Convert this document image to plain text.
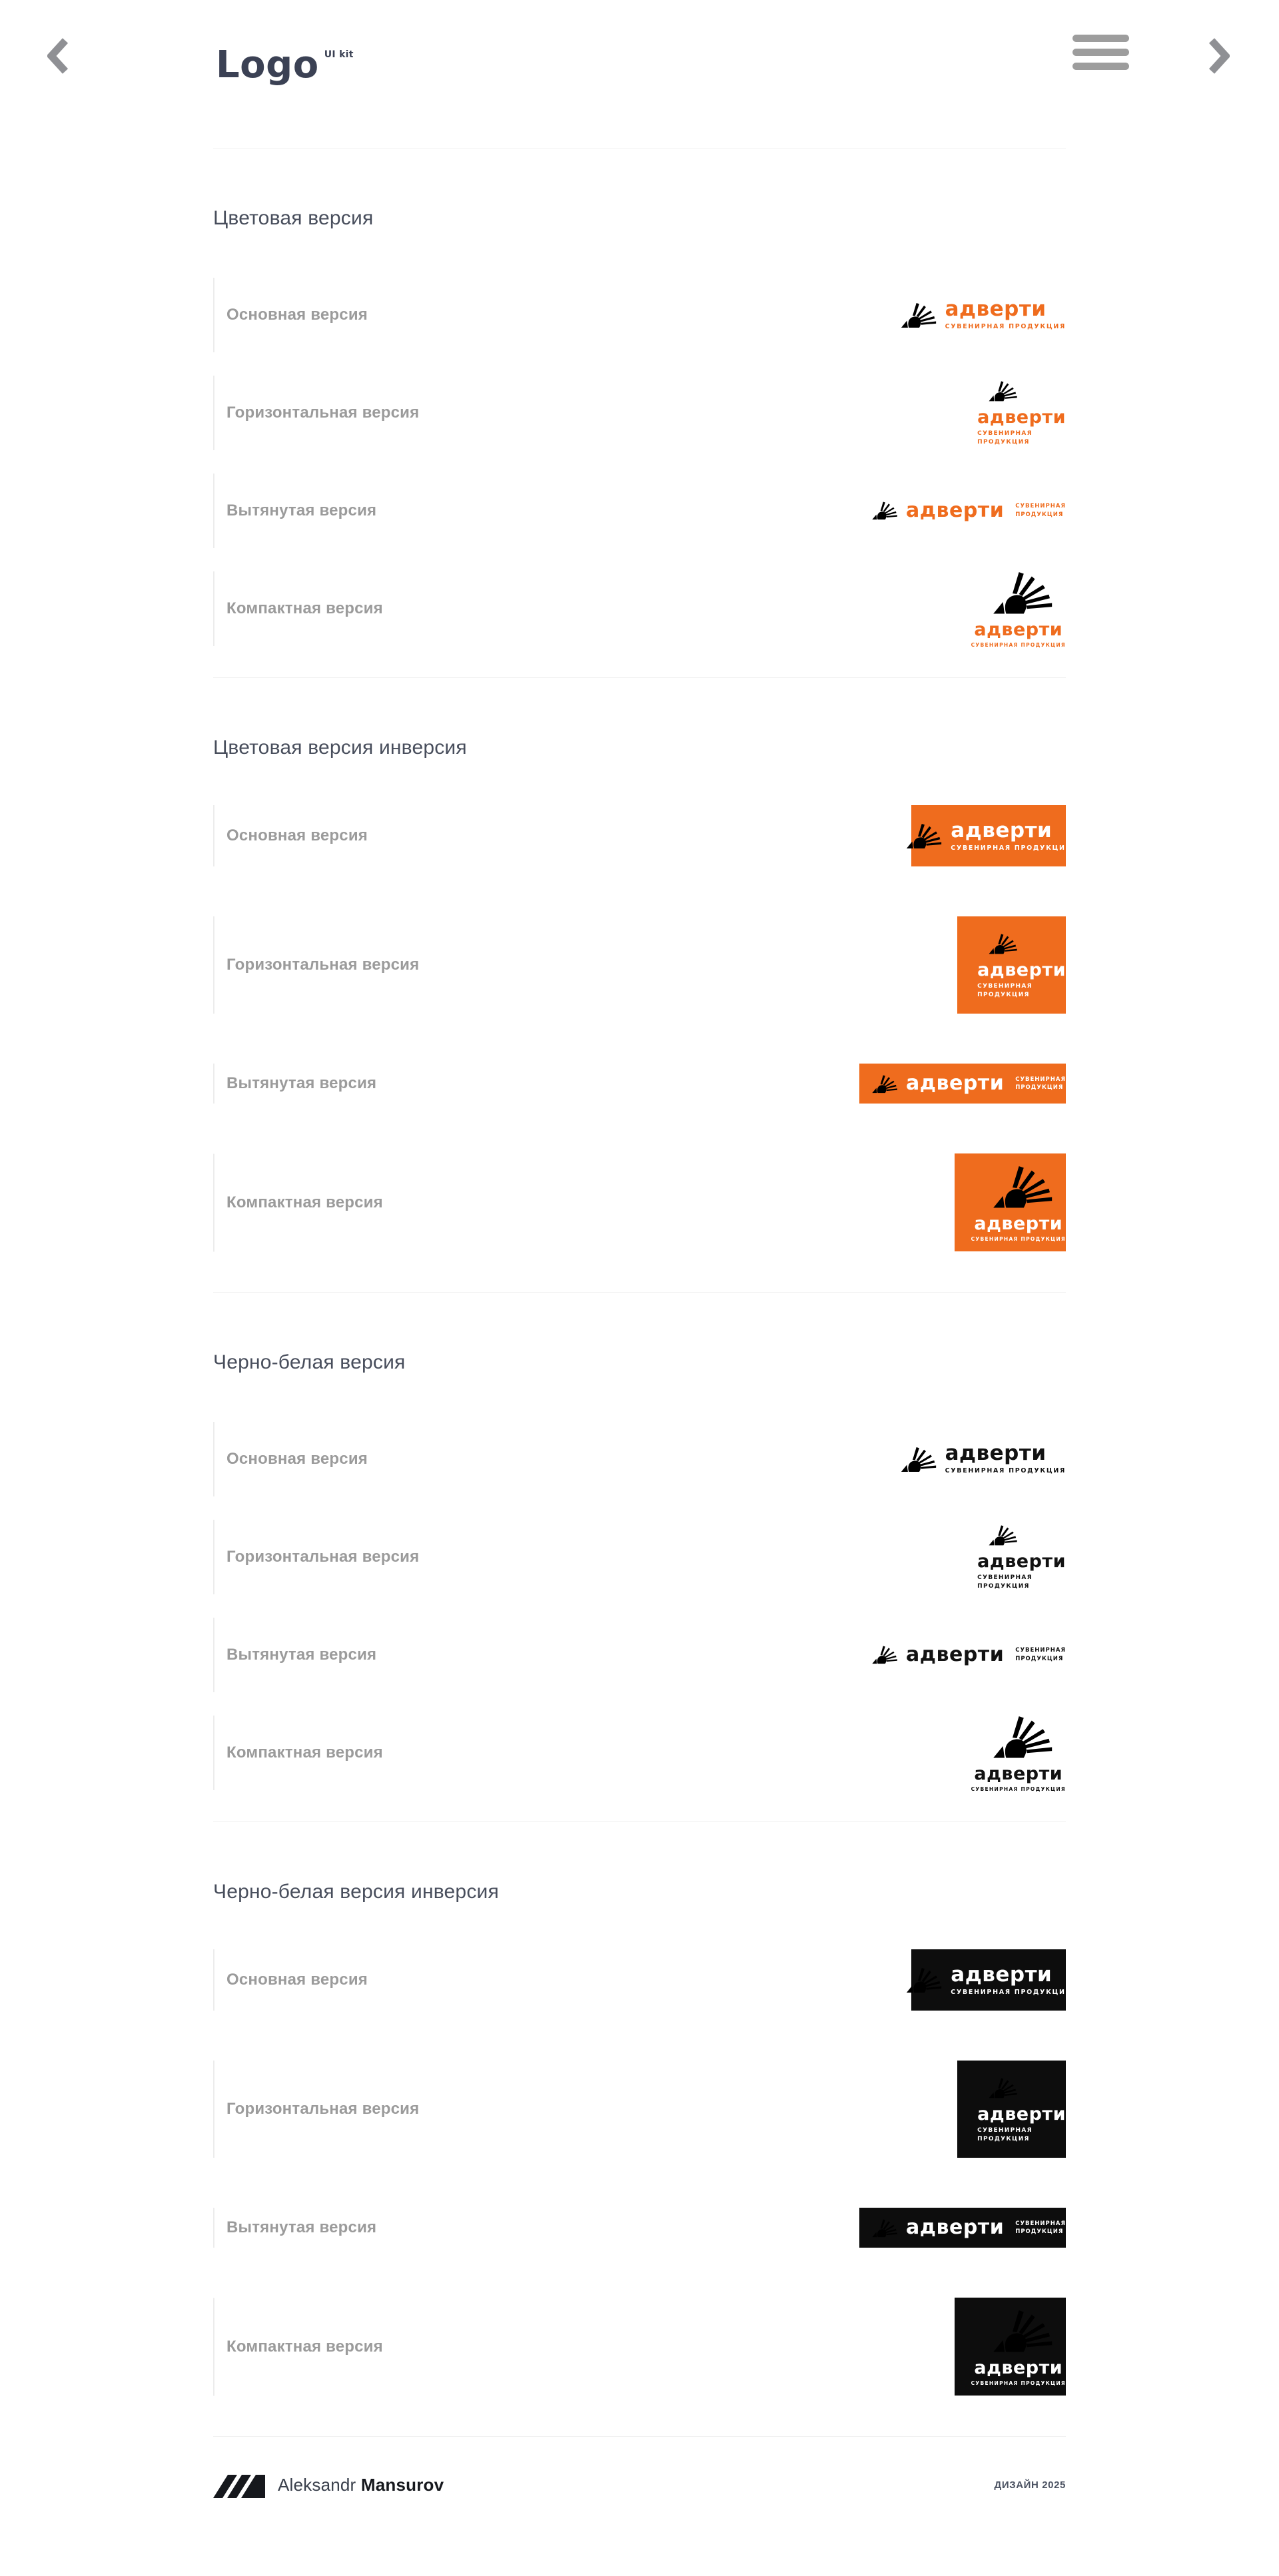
Logo $^{UI kit}$
Цветовая версия
Основная версия	адверти
СУВЕНИРНАЯ ПРОДУКЦИЯ
Горизонтальная версия	адверти
СУВЕНИРНАЯ
ПРОДУКЦИЯ
Вытянутая версия	адверти СУВЕНИРНАЯ
ПРОДУКЦИЯ
Компактная версия
адверти
СУВЕНИРНАЯ ПРОДУКЦИЯ
Цветовая версия инверсия
Основная версия	адверти
СУВЕНИРНАЯ ПРОДУКЦИЯ
Горизонтальная версия	адверти
СУВЕНИРНАЯ
ПРОДУКЦИЯ
Вытянутая версия	адверти СУВЕНИРНАЯ
ПРОДУКЦИЯ
Компактная версия
адверти
СУВЕНИРНАЯ ПРОДУКЦИЯ
Черно-белая версия
Основная версия	адверти
СУВЕНИРНАЯ ПРОДУКЦИЯ
Горизонтальная версия	адверти
СУВЕНИРНАЯ
ПРОДУКЦИЯ
Вытянутая версия	адверти СУВЕНИРНАЯ
ПРОДУКЦИЯ
Компактная версия
адверти
СУВЕНИРНАЯ ПРОДУКЦИЯ
Черно-белая версия инверсия
Основная версия	адверти
СУВЕНИРНАЯ ПРОДУКЦИЯ
Горизонтальная версия	адверти
СУВЕНИРНАЯ
ПРОДУКЦИЯ
Вытянутая версия	адверти СУВЕНИРНАЯ
ПРОДУКЦИЯ
Компактная версия
адверти
СУВЕНИРНАЯ ПРОДУКЦИЯ
Aleksandr Mansurov	ДИЗАЙН 2025
